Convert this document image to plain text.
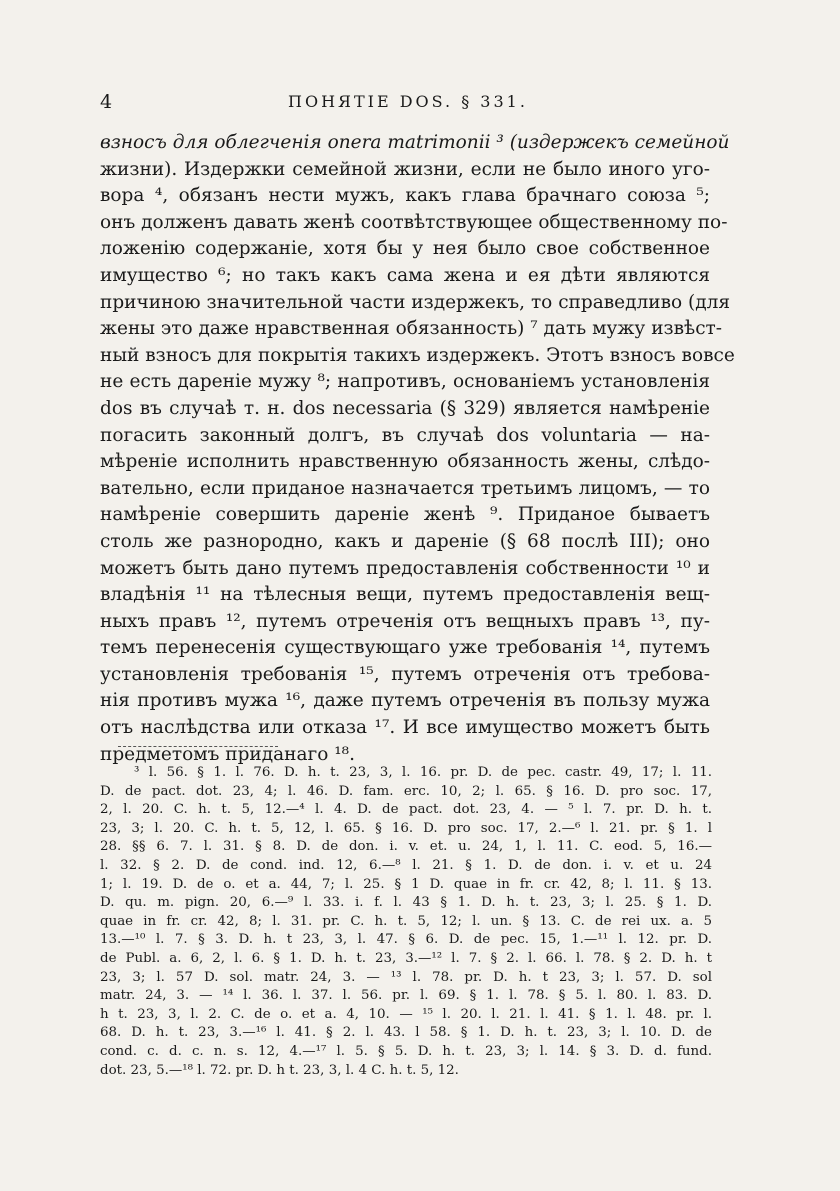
4	ПОНЯТІЕ DOS. § 331.
взносъ для облегченія onera matrimonii ³ (издержекъ семейной
жизни). Издержки семейной жизни, если не было иного уго-
вора ⁴, обязанъ нести мужъ, какъ глава брачнаго союза ⁵;
онъ долженъ давать женѣ соотвѣтствующее общественному по-
ложенію содержаніе, хотя бы у нея было свое собственное
имущество ⁶; но такъ какъ сама жена и ея дѣти являются
причиною значительной части издержекъ, то справедливо (для
жены это даже нравственная обязанность) ⁷ дать мужу извѣст-
ный взносъ для покрытія такихъ издержекъ. Этотъ взносъ вовсе
не есть дареніе мужу ⁸; напротивъ, основаніемъ установленія
dos въ случаѣ т. н. dos necessaria (§ 329) является намѣреніе
погасить законный долгъ, въ случаѣ dos voluntaria — на-
мѣреніе исполнить нравственную обязанность жены, слѣдо-
вательно, если приданое назначается третьимъ лицомъ, — то
намѣреніе совершить дареніе женѣ ⁹. Приданое бываетъ
столь же разнородно, какъ и дареніе (§ 68 послѣ III); оно
можетъ быть дано путемъ предоставленія собственности ¹⁰ и
владѣнія ¹¹ на тѣлесныя вещи, путемъ предоставленія вещ-
ныхъ правъ ¹², путемъ отреченія отъ вещныхъ правъ ¹³, пу-
темъ перенесенія существующаго уже требованія ¹⁴, путемъ
установленія требованія ¹⁵, путемъ отреченія отъ требова-
нія противъ мужа ¹⁶, даже путемъ отреченія въ пользу мужа
отъ наслѣдства или отказа ¹⁷. И все имущество можетъ быть
предметомъ приданаго ¹⁸.
³ l. 56. § 1. l. 76. D. h. t. 23, 3, l. 16. pr. D. de pec. castr. 49, 17; l. 11.
D. de pact. dot. 23, 4; l. 46. D. fam. erc. 10, 2; l. 65. § 16. D. pro soc. 17,
2, l. 20. C. h. t. 5, 12.—⁴ l. 4. D. de pact. dot. 23, 4. — ⁵ l. 7. pr. D. h. t.
23, 3; l. 20. C. h. t. 5, 12, l. 65. § 16. D. pro soc. 17, 2.—⁶ l. 21. pr. § 1. l
28. §§ 6. 7. l. 31. § 8. D. de don. i. v. et. u. 24, 1, l. 11. C. eod. 5, 16.—
l. 32. § 2. D. de cond. ind. 12, 6.—⁸ l. 21. § 1. D. de don. i. v. et u. 24
1; l. 19. D. de o. et a. 44, 7; l. 25. § 1 D. quae in fr. cr. 42, 8; l. 11. § 13.
D. qu. m. pign. 20, 6.—⁹ l. 33. i. f. l. 43 § 1. D. h. t. 23, 3; l. 25. § 1. D.
quae in fr. cr. 42, 8; l. 31. pr. C. h. t. 5, 12; l. un. § 13. C. de rei ux. a. 5
13.—¹⁰ l. 7. § 3. D. h. t 23, 3, l. 47. § 6. D. de pec. 15, 1.—¹¹ l. 12. pr. D.
de Publ. a. 6, 2, l. 6. § 1. D. h. t. 23, 3.—¹² l. 7. § 2. l. 66. l. 78. § 2. D. h. t
23, 3; l. 57 D. sol. matr. 24, 3. — ¹³ l. 78. pr. D. h. t 23, 3; l. 57. D. sol
matr. 24, 3. — ¹⁴ l. 36. l. 37. l. 56. pr. l. 69. § 1. l. 78. § 5. l. 80. l. 83. D.
h t. 23, 3, l. 2. C. de o. et a. 4, 10. — ¹⁵ l. 20. l. 21. l. 41. § 1. l. 48. pr. l.
68. D. h. t. 23, 3.—¹⁶ l. 41. § 2. l. 43. l 58. § 1. D. h. t. 23, 3; l. 10. D. de
cond. c. d. c. n. s. 12, 4.—¹⁷ l. 5. § 5. D. h. t. 23, 3; l. 14. § 3. D. d. fund.
dot. 23, 5.—¹⁸ l. 72. pr. D. h t. 23, 3, l. 4 C. h. t. 5, 12.
